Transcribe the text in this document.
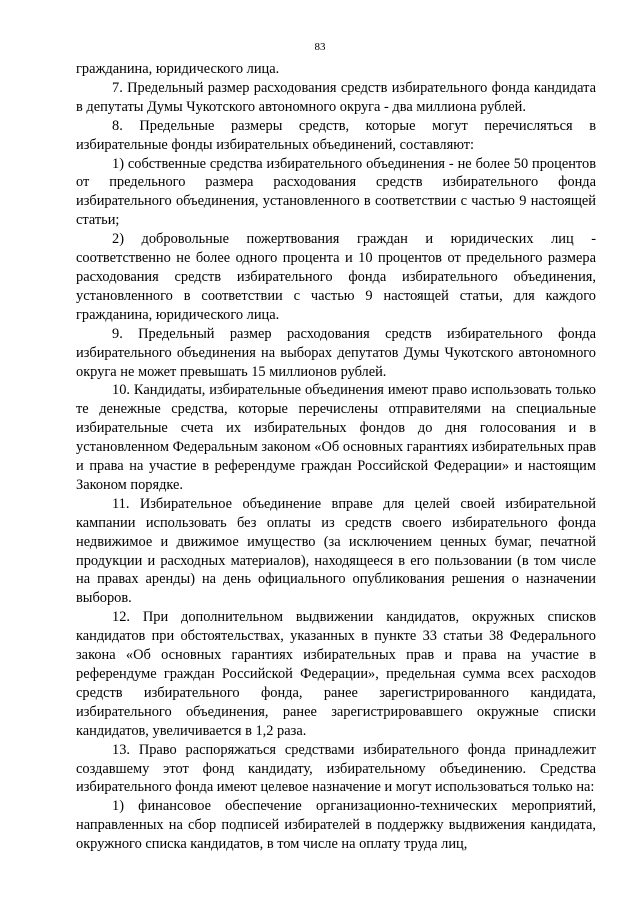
83

гражданина, юридического лица.

7. Предельный размер расходования средств избирательного фонда кандидата в депутаты Думы Чукотского автономного округа - два миллиона рублей.

8. Предельные размеры средств, которые могут перечисляться в избирательные фонды избирательных объединений, составляют:

1) собственные средства избирательного объединения - не более 50 процентов от предельного размера расходования средств избирательного фонда избирательного объединения, установленного в соответствии с частью 9 настоящей статьи;

2) добровольные пожертвования граждан и юридических лиц - соответственно не более одного процента и 10 процентов от предельного размера расходования средств избирательного фонда избирательного объединения, установленного в соответствии с частью 9 настоящей статьи, для каждого гражданина, юридического лица.

9. Предельный размер расходования средств избирательного фонда избирательного объединения на выборах депутатов Думы Чукотского автономного округа не может превышать 15 миллионов рублей.

10. Кандидаты, избирательные объединения имеют право использовать только те денежные средства, которые перечислены отправителями на специальные избирательные счета их избирательных фондов до дня голосования и в установленном Федеральным законом «Об основных гарантиях избирательных прав и права на участие в референдуме граждан Российской Федерации» и настоящим Законом порядке.

11. Избирательное объединение вправе для целей своей избирательной кампании использовать без оплаты из средств своего избирательного фонда недвижимое и движимое имущество (за исключением ценных бумаг, печатной продукции и расходных материалов), находящееся в его пользовании (в том числе на правах аренды) на день официального опубликования решения о назначении выборов.

12. При дополнительном выдвижении кандидатов, окружных списков кандидатов при обстоятельствах, указанных в пункте 33 статьи 38 Федерального закона «Об основных гарантиях избирательных прав и права на участие в референдуме граждан Российской Федерации», предельная сумма всех расходов средств избирательного фонда, ранее зарегистрированного кандидата, избирательного объединения, ранее зарегистрировавшего окружные списки кандидатов, увеличивается в 1,2 раза.

13. Право распоряжаться средствами избирательного фонда принадлежит создавшему этот фонд кандидату, избирательному объединению. Средства избирательного фонда имеют целевое назначение и могут использоваться только на:

1) финансовое обеспечение организационно-технических мероприятий, направленных на сбор подписей избирателей в поддержку выдвижения кандидата, окружного списка кандидатов, в том числе на оплату труда лиц,
